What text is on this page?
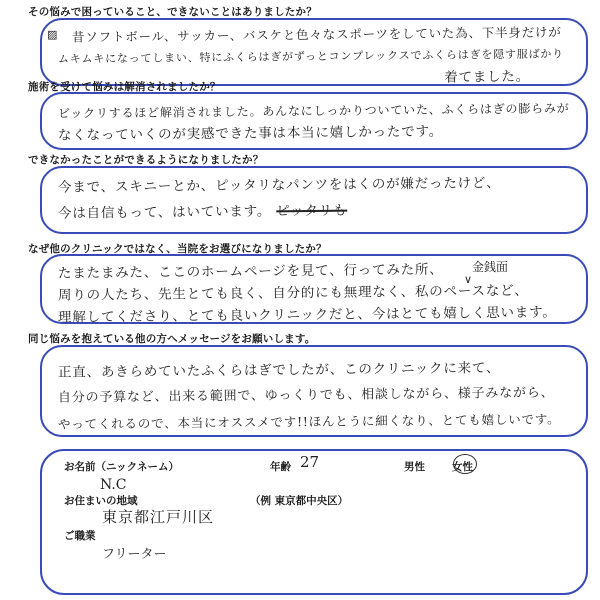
その悩みで困っていること、できないことはありましたか？
昔ソフトボール、サッカー、バスケと色々なスポーツをしていた為、下半身だけが
ムキムキになってしまい、特にふくらはぎがずっとコンプレックスでふくらはぎを隠す服ばかり
着てました。
▨
施術を受けて悩みは解消されましたか？
ビックリするほど解消されました。あんなにしっかりついていた、ふくらはぎの膨らみが
なくなっていくのが実感できた事は本当に嬉しかったです。
できなかったことができるようになりましたか？
今まで、スキニーとか、ピッタリなパンツをはくのが嫌だったけど、
今は自信もって、はいています。 ピッタリも
なぜ他のクリニックではなく、当院をお選びになりましたか？
たまたまみた、ここのホームページを見て、行ってみた所、
周りの人たち、先生とても良く、自分的にも無理なく、私のペースなど、
理解してくださり、とても良いクリニックだと、今はとても嬉しく思います。
金銭面
∨
同じ悩みを抱えている他の方へメッセージをお願いします。
正直、あきらめていたふくらはぎでしたが、このクリニックに来て、
自分の予算など、出来る範囲で、ゆっくりでも、相談しながら、様子みながら、
やってくれるので、本当にオススメです!!ほんとうに細くなり、とても嬉しいです。
お名前（ニックネーム）
N.C
年齢 27	男性	女性
お住まいの地域	（例 東京都中央区）
東京都江戸川区
ご職業
フリーター
